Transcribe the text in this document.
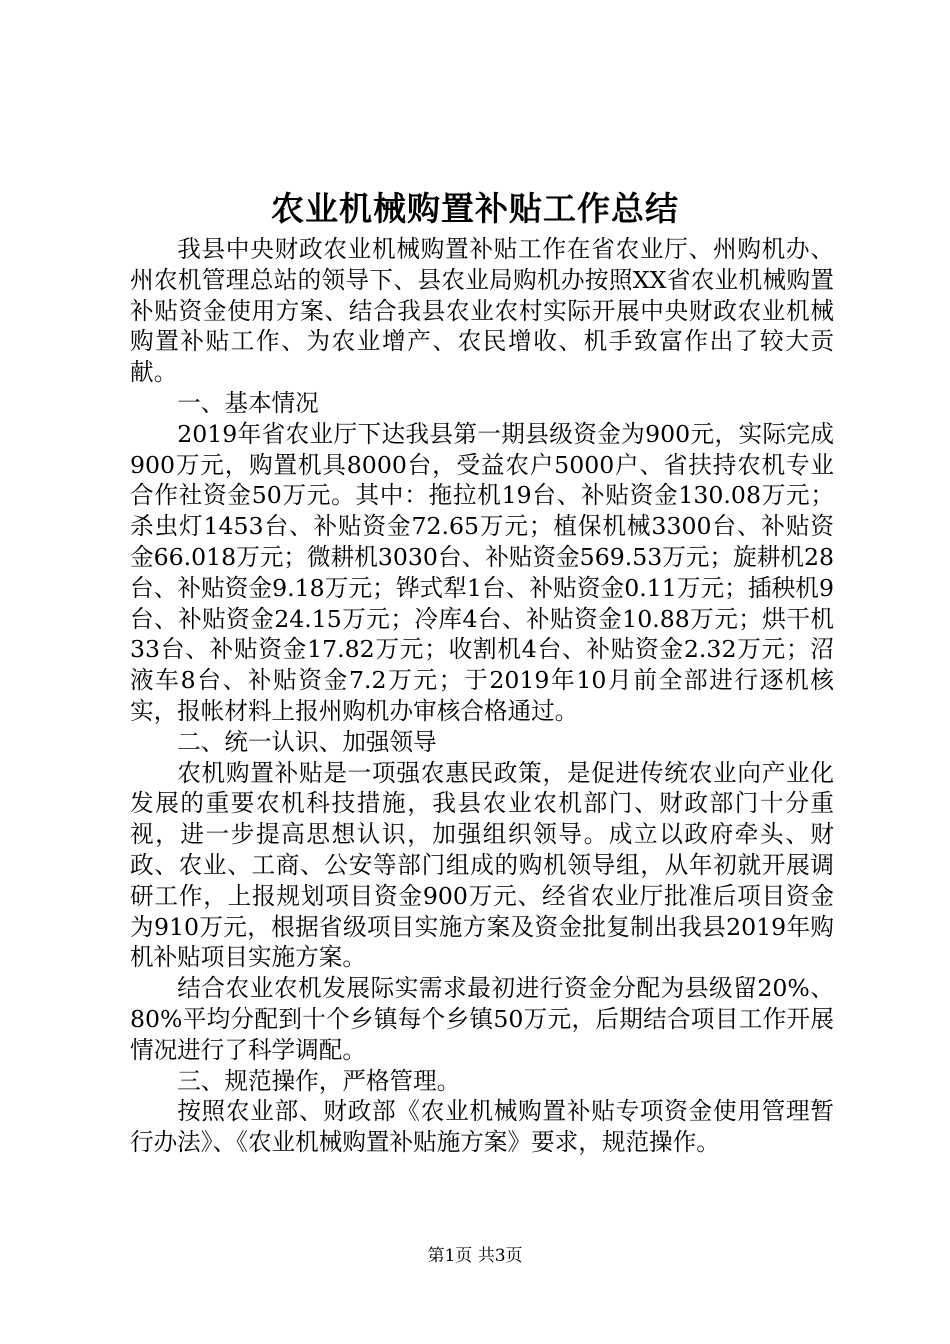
农业机械购置补贴工作总结

我县中央财政农业机械购置补贴工作在省农业厅、州购机办、州农机管理总站的领导下、县农业局购机办按照XX省农业机械购置补贴资金使用方案、结合我县农业农村实际开展中央财政农业机械购置补贴工作、为农业增产、农民增收、机手致富作出了较大贡献。

一、基本情况

2019年省农业厅下达我县第一期县级资金为900元，实际完成900万元，购置机具8000台，受益农户5000户、省扶持农机专业合作社资金50万元。其中：拖拉机19台、补贴资金130.08万元；杀虫灯1453台、补贴资金72.65万元；植保机械3300台、补贴资金66.018万元；微耕机3030台、补贴资金569.53万元；旋耕机28台、补贴资金9.18万元；铧式犁1台、补贴资金0.11万元；插秧机9台、补贴资金24.15万元；冷库4台、补贴资金10.88万元；烘干机33台、补贴资金17.82万元；收割机4台、补贴资金2.32万元；沼液车8台、补贴资金7.2万元；于2019年10月前全部进行逐机核实，报帐材料上报州购机办审核合格通过。

二、统一认识、加强领导

农机购置补贴是一项强农惠民政策，是促进传统农业向产业化发展的重要农机科技措施，我县农业农机部门、财政部门十分重视，进一步提高思想认识，加强组织领导。成立以政府牵头、财政、农业、工商、公安等部门组成的购机领导组，从年初就开展调研工作，上报规划项目资金900万元、经省农业厅批准后项目资金为910万元，根据省级项目实施方案及资金批复制出我县2019年购机补贴项目实施方案。

结合农业农机发展际实需求最初进行资金分配为县级留20%、80%平均分配到十个乡镇每个乡镇50万元，后期结合项目工作开展情况进行了科学调配。

三、规范操作，严格管理。

按照农业部、财政部《农业机械购置补贴专项资金使用管理暂行办法》、《农业机械购置补贴施方案》要求，规范操作。

第1页 共3页
